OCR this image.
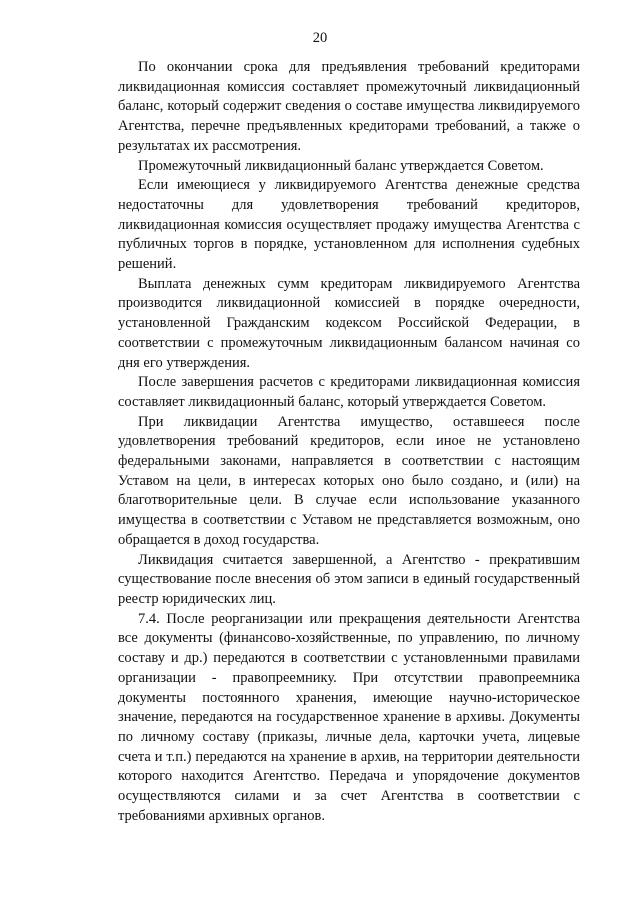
20

По окончании срока для предъявления требований кредиторами ликвидационная комиссия составляет промежуточный ликвидационный баланс, который содержит сведения о составе имущества ликвидируемого Агентства, перечне предъявленных кредиторами требований, а также о результатах их рассмотрения.

Промежуточный ликвидационный баланс утверждается Советом.

Если имеющиеся у ликвидируемого Агентства денежные средства недостаточны для удовлетворения требований кредиторов, ликвидационная комиссия осуществляет продажу имущества Агентства с публичных торгов в порядке, установленном для исполнения судебных решений.

Выплата денежных сумм кредиторам ликвидируемого Агентства производится ликвидационной комиссией в порядке очередности, установленной Гражданским кодексом Российской Федерации, в соответствии с промежуточным ликвидационным балансом начиная со дня его утверждения.

После завершения расчетов с кредиторами ликвидационная комиссия составляет ликвидационный баланс, который утверждается Советом.

При ликвидации Агентства имущество, оставшееся после удовлетворения требований кредиторов, если иное не установлено федеральными законами, направляется в соответствии с настоящим Уставом на цели, в интересах которых оно было создано, и (или) на благотворительные цели. В случае если использование указанного имущества в соответствии с Уставом не представляется возможным, оно обращается в доход государства.

Ликвидация считается завершенной, а Агентство - прекратившим существование после внесения об этом записи в единый государственный реестр юридических лиц.

7.4. После реорганизации или прекращения деятельности Агентства все документы (финансово-хозяйственные, по управлению, по личному составу и др.) передаются в соответствии с установленными правилами организации - правопреемнику. При отсутствии правопреемника документы постоянного хранения, имеющие научно-историческое значение, передаются на государственное хранение в архивы. Документы по личному составу (приказы, личные дела, карточки учета, лицевые счета и т.п.) передаются на хранение в архив, на территории деятельности которого находится Агентство. Передача и упорядочение документов осуществляются силами и за счет Агентства в соответствии с требованиями архивных органов.
